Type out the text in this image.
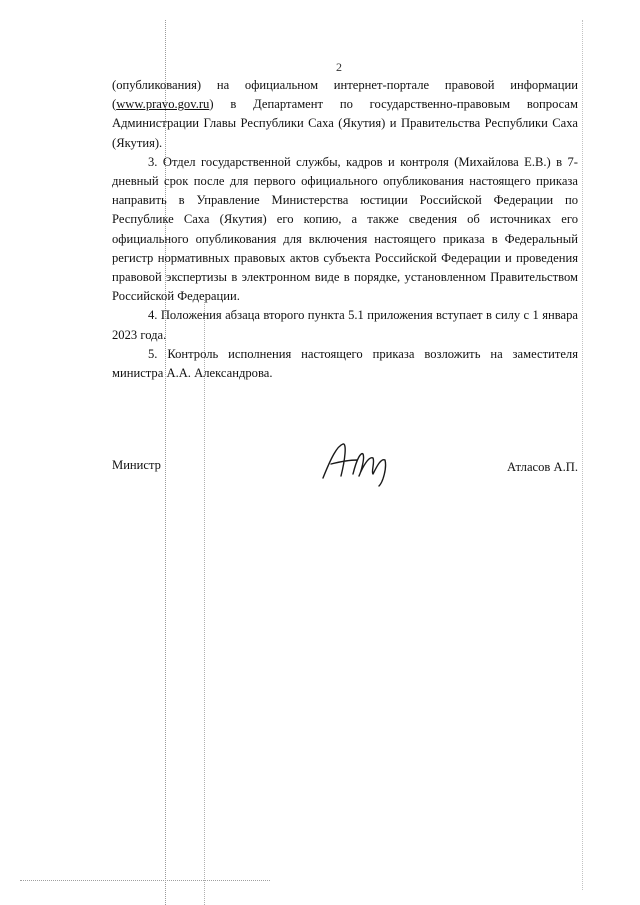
2

(опубликования) на официальном интернет-портале правовой информации (www.pravo.gov.ru) в Департамент по государственно-правовым вопросам Администрации Главы Республики Саха (Якутия) и Правительства Республики Саха (Якутия).

3. Отдел государственной службы, кадров и контроля (Михайлова Е.В.) в 7-дневный срок после для первого официального опубликования настоящего приказа направить в Управление Министерства юстиции Российской Федерации по Республике Саха (Якутия) его копию, а также сведения об источниках его официального опубликования для включения настоящего приказа в Федеральный регистр нормативных правовых актов субъекта Российской Федерации и проведения правовой экспертизы в электронном виде в порядке, установленном Правительством Российской Федерации.

4. Положения абзаца второго пункта 5.1 приложения вступает в силу с 1 январа 2023 года.

5. Контроль исполнения настоящего приказа возложить на заместителя министра А.А. Александрова.

Министр	Атласов А.П.
